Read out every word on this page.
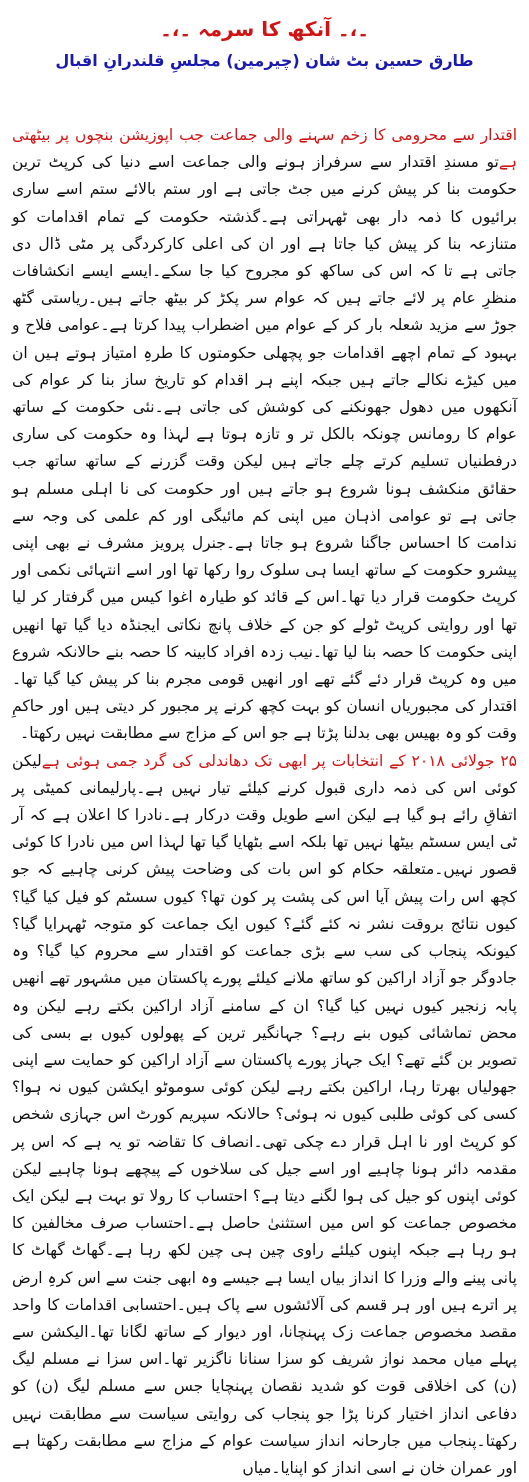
۔،۔ آنکھ کا سرمہ ۔،۔
طارق حسین بٹ شان (چیرمین) مجلسِ قلندرانِ اقبال

اقتدار سے محرومی کا زخم سہنے والی جماعت جب اپوزیشن بنچوں پر بیٹھتی ہےتو مسندِ اقتدار سے سرفراز ہونے والی جماعت اسے دنیا کی کرپٹ ترین حکومت بنا کر پیش کرنے میں جٹ جاتی ہے اور ستم بالائے ستم اسے ساری برائیوں کا ذمہ دار بھی ٹھہراتی ہے۔گذشتہ حکومت کے تمام اقدامات کو متنازعہ بنا کر پیش کیا جاتا ہے اور ان کی اعلی کارکردگی پر مٹی ڈال دی جاتی ہے تا کہ اس کی ساکھ کو مجروح کیا جا سکے۔ایسے ایسے انکشافات منظرِ عام پر لائے جاتے ہیں کہ عوام سر پکڑ کر بیٹھ جاتے ہیں۔ریاستی گٹھ جوڑ سے مزید شعلہ بار کر کے عوام میں اضطراب پیدا کرتا ہے۔عوامی فلاح و بہبود کے تمام اچھے اقدامات جو پچھلی حکومتوں کا طرہِ امتیاز ہوتے ہیں ان میں کیڑے نکالے جاتے ہیں جبکہ اپنے ہر اقدام کو تاریخ ساز بنا کر عوام کی آنکھوں میں دھول جھونکنے کی کوشش کی جاتی ہے۔نئی حکومت کے ساتھ عوام کا رومانس چونکہ بالکل تر و تازہ ہوتا ہے لہذا وہ حکومت کی ساری درفطنیاں تسلیم کرتے چلے جاتے ہیں لیکن وقت گزرنے کے ساتھ ساتھ جب حقائق منکشف ہونا شروع ہو جاتے ہیں اور حکومت کی نا اہلی مسلم ہو جاتی ہے تو عوامی اذہان میں اپنی کم مائیگی اور کم علمی کی وجہ سے ندامت کا احساس جاگنا شروع ہو جاتا ہے۔جنرل پرویز مشرف نے بھی اپنی پیشرو حکومت کے ساتھ ایسا ہی سلوک روا رکھا تھا اور اسے انتہائی نکمی اور کرپٹ حکومت قرار دیا تھا۔اس کے قائد کو طیارہ اغوا کیس میں گرفتار کر لیا تھا اور روایتی کرپٹ ٹولے کو جن کے خلاف پانچ نکاتی ایجنڈہ دیا گیا تھا انھیں اپنی حکومت کا حصہ بنا لیا تھا۔نیب زدہ افراد کابینہ کا حصہ بنے حالانکہ شروع میں وہ کرپٹ قرار دئے گئے تھے اور انھیں قومی مجرم بنا کر پیش کیا گیا تھا۔اقتدار کی مجبوریاں انسان کو بہت کچھ کرنے پر مجبور کر دیتی ہیں اور حاکمِ وقت کو وہ بھیس بھی بدلنا پڑتا ہے جو اس کے مزاج سے مطابقت نہیں رکھتا۔

۲۵ جولائی ۲۰۱۸ کے انتخابات پر ابھی تک دھاندلی کی گرد جمی ہوئی ہےلیکن کوئی اس کی ذمہ داری قبول کرنے کیلئے تیار نہیں ہے۔پارلیمانی کمیٹی پر اتفاقِ رائے ہو گیا ہے لیکن اسے طویل وقت درکار ہے۔نادرا کا اعلان ہے کہ آر ٹی ایس سسٹم بیٹھا نہیں تھا بلکہ اسے بٹھایا گیا تھا لہذا اس میں نادرا کا کوئی قصور نہیں۔متعلقہ حکام کو اس بات کی وضاحت پیش کرنی چاہیے کہ جو کچھ اس رات پیش آیا اس کی پشت پر کون تھا؟ کیوں سسٹم کو فیل کیا گیا؟ کیوں نتائج بروقت نشر نہ کئے گئے؟ کیوں ایک جماعت کو متوجہ ٹھہرایا گیا؟ کیونکہ پنجاب کی سب سے بڑی جماعت کو اقتدار سے محروم کیا گیا؟ وہ جادوگر جو آزاد اراکین کو ساتھ ملانے کیلئے پورے پاکستان میں مشہور تھے انھیں پابہ زنجیر کیوں نہیں کیا گیا؟ ان کے سامنے آزاد اراکین بکتے رہے لیکن وہ محض تماشائی کیوں بنے رہے؟ جہانگیر ترین کے پھولوں کیوں بے بسی کی تصویر بن گئے تھے؟ ایک جہاز پورے پاکستان سے آزاد اراکین کو حمایت سے اپنی جھولیاں بھرتا رہا، اراکین بکتے رہے لیکن کوئی سوموٹو ایکشن کیوں نہ ہوا؟ کسی کی کوئی طلبی کیوں نہ ہوئی؟ حالانکہ سپریم کورٹ اس جہازی شخص کو کرپٹ اور نا اہل قرار دے چکی تھی۔انصاف کا تقاضہ تو یہ ہے کہ اس پر مقدمہ دائر ہونا چاہیے اور اسے جیل کی سلاخوں کے پیچھے ہونا چاہیے لیکن کوئی اپنوں کو جیل کی ہوا لگنے دیتا ہے؟ احتساب کا رولا تو بہت ہے لیکن ایک مخصوص جماعت کو اس میں استثنیٰ حاصل ہے۔احتساب صرف مخالفین کا ہو رہا ہے جبکہ اپنوں کیلئے راوی چین ہی چین لکھ رہا ہے۔گھاٹ گھاٹ کا پانی پینے والے وزرا کا انداز بیاں ایسا ہے جیسے وہ ابھی جنت سے اس کرہِ ارض پر اترے ہیں اور ہر قسم کی آلائشوں سے پاک ہیں۔احتسابی اقدامات کا واحد مقصد مخصوص جماعت زک پہنچانا، اور دیوار کے ساتھ لگانا تھا۔الیکشن سے پہلے میاں محمد نواز شریف کو سزا سنانا ناگزیر تھا۔اس سزا نے مسلم لیگ (ن) کی اخلاقی قوت کو شدید نقصان پہنچایا جس سے مسلم لیگ (ن) کو دفاعی انداز اختیار کرنا پڑا جو پنجاب کی روایتی سیاست سے مطابقت نہیں رکھتا۔پنجاب میں جارحانہ انداز سیاست عوام کے مزاج سے مطابقت رکھتا ہے اور عمران خان نے اسی انداز کو اپنایا۔میاں
